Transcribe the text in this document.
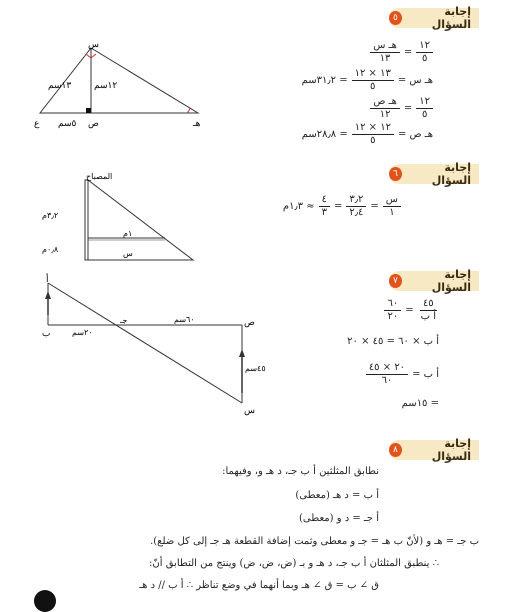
إجابة السؤال
٥
$\frac{١٢}{٥}$
=
$\frac{\text{هـ س}}{١٣}$
هـ س =
$\frac{١٣ \times ١٢}{٥}$
= ٣١٫٢سم
$\frac{١٢}{٥}$
=
$\frac{\text{هـ ص}}{١٢}$
هـ ص =
$\frac{١٢ \times ١٢}{٥}$
= ٢٨٫٨سم
١٣سم	١٢سم
٥سم
ع	ص	هـ
س
إجابة السؤال
٦
$\frac{\text{س}}{١}$
=
$\frac{٣٫٢}{٢٫٤}$
=
$\frac{٤}{٣}$
≈ ١٫٣م
المصباح
٣٫٢م
٠٫٨م
١م
س
إجابة السؤال
٧
$\frac{٤٥}{\text{أ ب}}$
=
$\frac{٦٠}{٢٠}$
أ ب × ٦٠ = ٤٥ × ٢٠
أ ب =
$\frac{٢٠ \times ٤٥}{٦٠}$
= ١٥سم
أ
ب
س
ص
جـ	٦٠سم
٢٠سم
٤٥سم
إجابة السؤال
٨
نطابق المثلثين أ ب جـ، د هـ و، وفيهما:
أ ب = د هـ (معطى)
أ جـ = د و (معطى)
ب جـ = هـ و (لأنّ ب هـ = جـ و معطى وثمت إضافة القطعة هـ جـ إلى كل ضلع).
∴ ينطبق المثلثان أ ب جـ، د هـ و بـ (ض، ض، ض) وينتج من التطابق أنّ:
ق ∠ ب = ق ∠ هـ وبما أنهما في وضع تناظر ∴ أ ب // د هـ
